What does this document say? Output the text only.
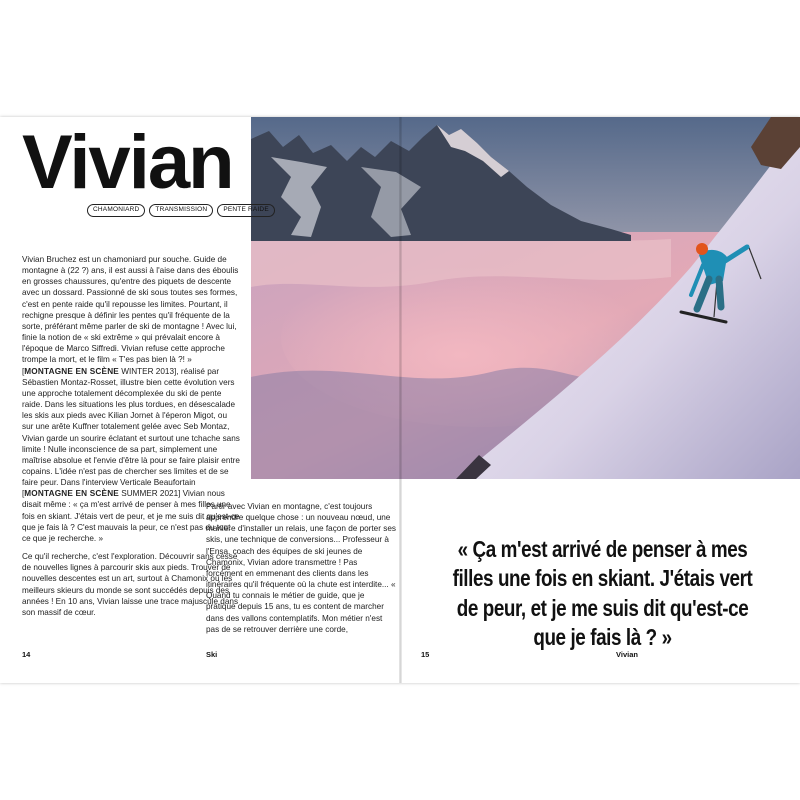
Vivian
CHAMONIARD	TRANSMISSION	PENTE RAIDE

Vivian Bruchez est un chamoniard pur souche. Guide de montagne à (22 ?) ans, il est aussi à l'aise dans des éboulis en grosses chaussures, qu'entre des piquets de descente avec un dossard. Passionné de ski sous toutes ses formes, c'est en pente raide qu'il repousse les limites. Pourtant, il rechigne presque à définir les pentes qu'il fréquente de la sorte, préférant même parler de ski de montagne ! Avec lui, finie la notion de « ski extrême » qui prévalait encore à l'époque de Marco Siffredi. Vivian refuse cette approche trompe la mort, et le film « T'es pas bien là ?! » [MONTAGNE EN SCÈNE WINTER 2013], réalisé par Sébastien Montaz-Rosset, illustre bien cette évolution vers une approche totalement décomplexée du ski de pente raide. Dans les situations les plus tordues, en désescalade les skis aux pieds avec Kilian Jornet à l'éperon Migot, ou sur une arête Kuffner totalement gelée avec Seb Montaz, Vivian garde un sourire éclatant et surtout une tchache sans limite ! Nulle inconscience de sa part, simplement une maîtrise absolue et l'envie d'être là pour se faire plaisir entre copains. L'idée n'est pas de chercher ses limites et de se faire peur. Dans l'interview Verticale Beaufortain [MONTAGNE EN SCÈNE SUMMER 2021] Vivian nous disait même : « ça m'est arrivé de penser à mes filles une fois en skiant. J'étais vert de peur, et je me suis dit qu'est-ce que je fais là ? C'est mauvais la peur, ce n'est pas du tout ce que je recherche. »

Ce qu'il recherche, c'est l'exploration. Découvrir sans cesse de nouvelles lignes à parcourir skis aux pieds. Trouver de nouvelles descentes est un art, surtout à Chamonix où les meilleurs skieurs du monde se sont succédés depuis des années ! En 10 ans, Vivian laisse une trace majuscule dans son massif de cœur.

Partir avec Vivian en montagne, c'est toujours apprendre quelque chose : un nouveau nœud, une manière d'installer un relais, une façon de porter ses skis, une technique de conversions... Professeur à l'Ensa, coach des équipes de ski jeunes de Chamonix, Vivian adore transmettre ! Pas forcément en emmenant des clients dans les itinéraires qu'il fréquente où la chute est interdite... « Quand tu connais le métier de guide, que je pratique depuis 15 ans, tu es content de marcher dans des vallons contemplatifs. Mon métier n'est pas de se retrouver derrière une corde,

« Ça m'est arrivé de penser à mes filles une fois en skiant. J'étais vert de peur, et je me suis dit qu'est-ce que je fais là ? »

14	Ski	15	Vivian
